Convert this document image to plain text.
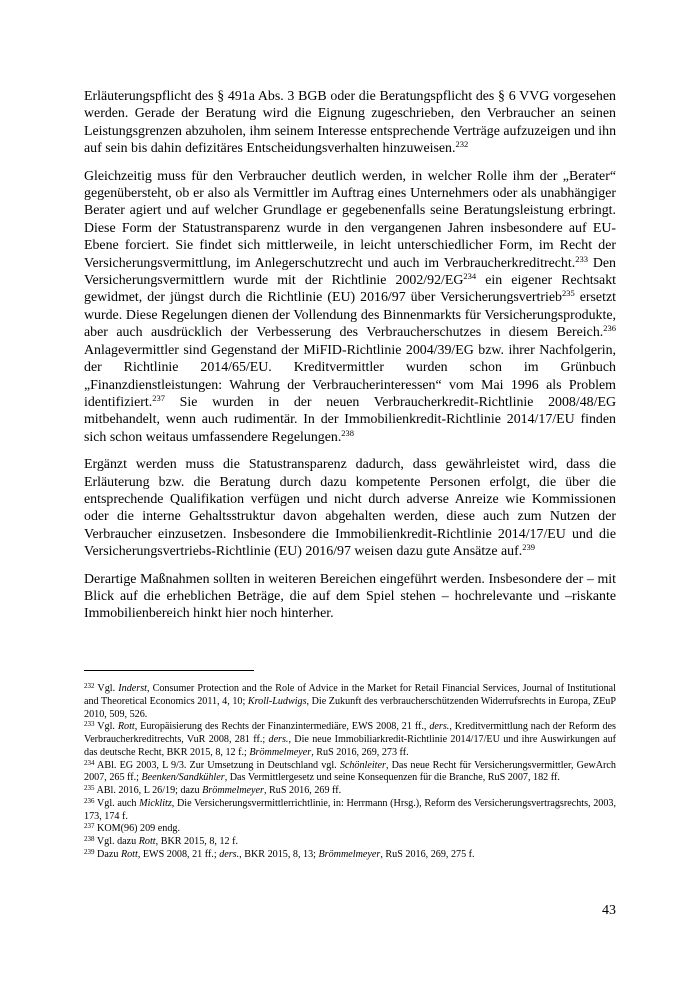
Erläuterungspflicht des § 491a Abs. 3 BGB oder die Beratungspflicht des § 6 VVG vorgesehen werden. Gerade der Beratung wird die Eignung zugeschrieben, den Verbraucher an seinen Leistungsgrenzen abzuholen, ihm seinem Interesse entsprechende Verträge aufzuzeigen und ihn auf sein bis dahin defizitäres Entscheidungsverhalten hinzuweisen.$^{232}$

Gleichzeitig muss für den Verbraucher deutlich werden, in welcher Rolle ihm der „Berater“ gegenübersteht, ob er also als Vermittler im Auftrag eines Unternehmers oder als unabhängiger Berater agiert und auf welcher Grundlage er gegebenenfalls seine Beratungsleistung erbringt. Diese Form der Statustransparenz wurde in den vergangenen Jahren insbesondere auf EU-Ebene forciert. Sie findet sich mittlerweile, in leicht unterschiedlicher Form, im Recht der Versicherungsvermittlung, im Anlegerschutzrecht und auch im Verbraucherkreditrecht.$^{233}$ Den Versicherungsvermittlern wurde mit der Richtlinie 2002/92/EG$^{234}$ ein eigener Rechtsakt gewidmet, der jüngst durch die Richtlinie (EU) 2016/97 über Versicherungsvertrieb$^{235}$ ersetzt wurde. Diese Regelungen dienen der Vollendung des Binnenmarkts für Versicherungsprodukte, aber auch ausdrücklich der Verbesserung des Verbraucherschutzes in diesem Bereich.$^{236}$ Anlagevermittler sind Gegenstand der MiFID-Richtlinie 2004/39/EG bzw. ihrer Nachfolgerin, der Richtlinie 2014/65/EU. Kreditvermittler wurden schon im Grünbuch „Finanzdienstleistungen: Wahrung der Verbraucherinteressen“ vom Mai 1996 als Problem identifiziert.$^{237}$ Sie wurden in der neuen Verbraucherkredit-Richtlinie 2008/48/EG mitbehandelt, wenn auch rudimentär. In der Immobilienkredit-Richtlinie 2014/17/EU finden sich schon weitaus umfassendere Regelungen.$^{238}$

Ergänzt werden muss die Statustransparenz dadurch, dass gewährleistet wird, dass die Erläuterung bzw. die Beratung durch dazu kompetente Personen erfolgt, die über die entsprechende Qualifikation verfügen und nicht durch adverse Anreize wie Kommissionen oder die interne Gehaltsstruktur davon abgehalten werden, diese auch zum Nutzen der Verbraucher einzusetzen. Insbesondere die Immobilienkredit-Richtlinie 2014/17/EU und die Versicherungsvertriebs-Richtlinie (EU) 2016/97 weisen dazu gute Ansätze auf.$^{239}$

Derartige Maßnahmen sollten in weiteren Bereichen eingeführt werden. Insbesondere der – mit Blick auf die erheblichen Beträge, die auf dem Spiel stehen – hochrelevante und –riskante Immobilienbereich hinkt hier noch hinterher.

$^{232}$ Vgl. Inderst, Consumer Protection and the Role of Advice in the Market for Retail Financial Services, Journal of Institutional and Theoretical Economics 2011, 4, 10; Kroll-Ludwigs, Die Zukunft des verbraucherschützenden Widerrufsrechts in Europa, ZEuP 2010, 509, 526.
$^{233}$ Vgl. Rott, Europäisierung des Rechts der Finanzintermediäre, EWS 2008, 21 ff., ders., Kreditvermittlung nach der Reform des Verbraucherkreditrechts, VuR 2008, 281 ff.; ders., Die neue Immobiliarkredit-Richtlinie 2014/17/EU und ihre Auswirkungen auf das deutsche Recht, BKR 2015, 8, 12 f.; Brömmelmeyer, RuS 2016, 269, 273 ff.
$^{234}$ ABl. EG 2003, L 9/3. Zur Umsetzung in Deutschland vgl. Schönleiter, Das neue Recht für Versicherungsvermittler, GewArch 2007, 265 ff.; Beenken/Sandkühler, Das Vermittlergesetz und seine Konsequenzen für die Branche, RuS 2007, 182 ff.
$^{235}$ ABl. 2016, L 26/19; dazu Brömmelmeyer, RuS 2016, 269 ff.
$^{236}$ Vgl. auch Micklitz, Die Versicherungsvermittlerrichtlinie, in: Herrmann (Hrsg.), Reform des Versicherungsvertragsrechts, 2003, 173, 174 f.
$^{237}$ KOM(96) 209 endg.
$^{238}$ Vgl. dazu Rott, BKR 2015, 8, 12 f.
$^{239}$ Dazu Rott, EWS 2008, 21 ff.; ders., BKR 2015, 8, 13; Brömmelmeyer, RuS 2016, 269, 275 f.
43
